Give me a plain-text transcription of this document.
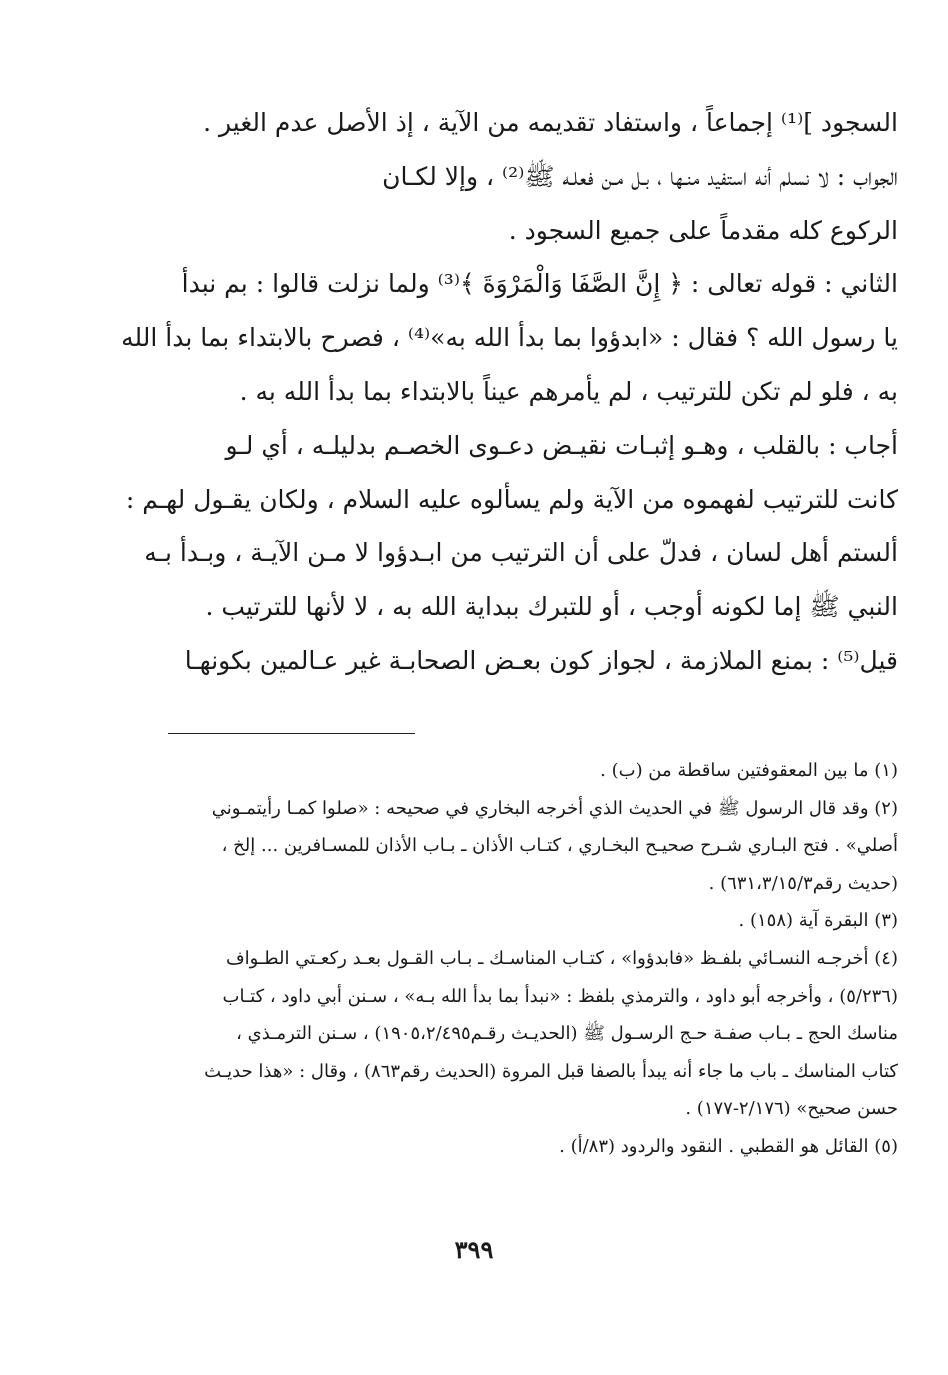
السجود ]⁽¹⁾ إجماعاً ، واستفاد تقديمه من الآية ، إذ الأصل عدم الغير .
الجواب : لا نسلم أنه استفيد منـها ، بـل مـن فعلـه ﷺ⁽²⁾ ، وإلا لكـان
الركوع كله مقدماً على جميع السجود .
الثاني : قوله تعالى : ﴿ إِنَّ الصَّفَا وَالْمَرْوَةَ ﴾⁽³⁾ ولما نزلت قالوا : بم نبدأ
يا رسول الله ؟ فقال : «ابدؤوا بما بدأ الله به»⁽⁴⁾ ، فصرح بالابتداء بما بدأ الله
به ، فلو لم تكن للترتيب ، لم يأمرهم عيناً بالابتداء بما بدأ الله به .
أجاب : بالقلب ، وهـو إثبـات نقيـض دعـوى الخصـم بدليلـه ، أي لـو
كانت للترتيب لفهموه من الآية ولم يسألوه عليه السلام ، ولكان يقـول لهـم :
ألستم أهل لسان ، فدلّ على أن الترتيب من ابـدؤوا لا مـن الآيـة ، وبـدأ بـه
النبي ﷺ إما لكونه أوجب ، أو للتبرك ببداية الله به ، لا لأنها للترتيب .
قيل⁽⁵⁾ : بمنع الملازمة ، لجواز كون بعـض الصحابـة غير عـالمين بكونهـا
(١) ما بين المعقوفتين ساقطة من (ب) .
(٢) وقد قال الرسول ﷺ في الحديث الذي أخرجه البخاري في صحيحه : «صلوا كمـا رأيتمـوني
أصلي» . فتح البـاري شـرح صحيـح البخـاري ، كتـاب الأذان ـ بـاب الأذان للمسـافرين ... إلخ ،
(حديث رقم٦٣١،٣/١٥/٣) .
(٣) البقرة آية (١٥٨) .
(٤) أخرجـه النسـائي بلفـظ «فابدؤوا» ، كتـاب المناسـك ـ بـاب القـول بعـد ركعـتي الطـواف
(٥/٢٣٦) ، وأخرجه أبو داود ، والترمذي بلفظ : «نبدأ بما بدأ الله بـه» ، سـنن أبي داود ، كتـاب
مناسك الحج ـ بـاب صفـة حـج الرسـول ﷺ (الحديـث رقـم١٩٠٥،٢/٤٩٥) ، سـنن الترمـذي ،
كتاب المناسك ـ باب ما جاء أنه يبدأ بالصفا قبل المروة (الحديث رقم٨٦٣) ، وقال : «هذا حديـث
حسن صحيح» (٢/١٧٦-١٧٧) .
(٥) القائل هو القطبي . النقود والردود (٨٣/أ) .
٣٩٩
